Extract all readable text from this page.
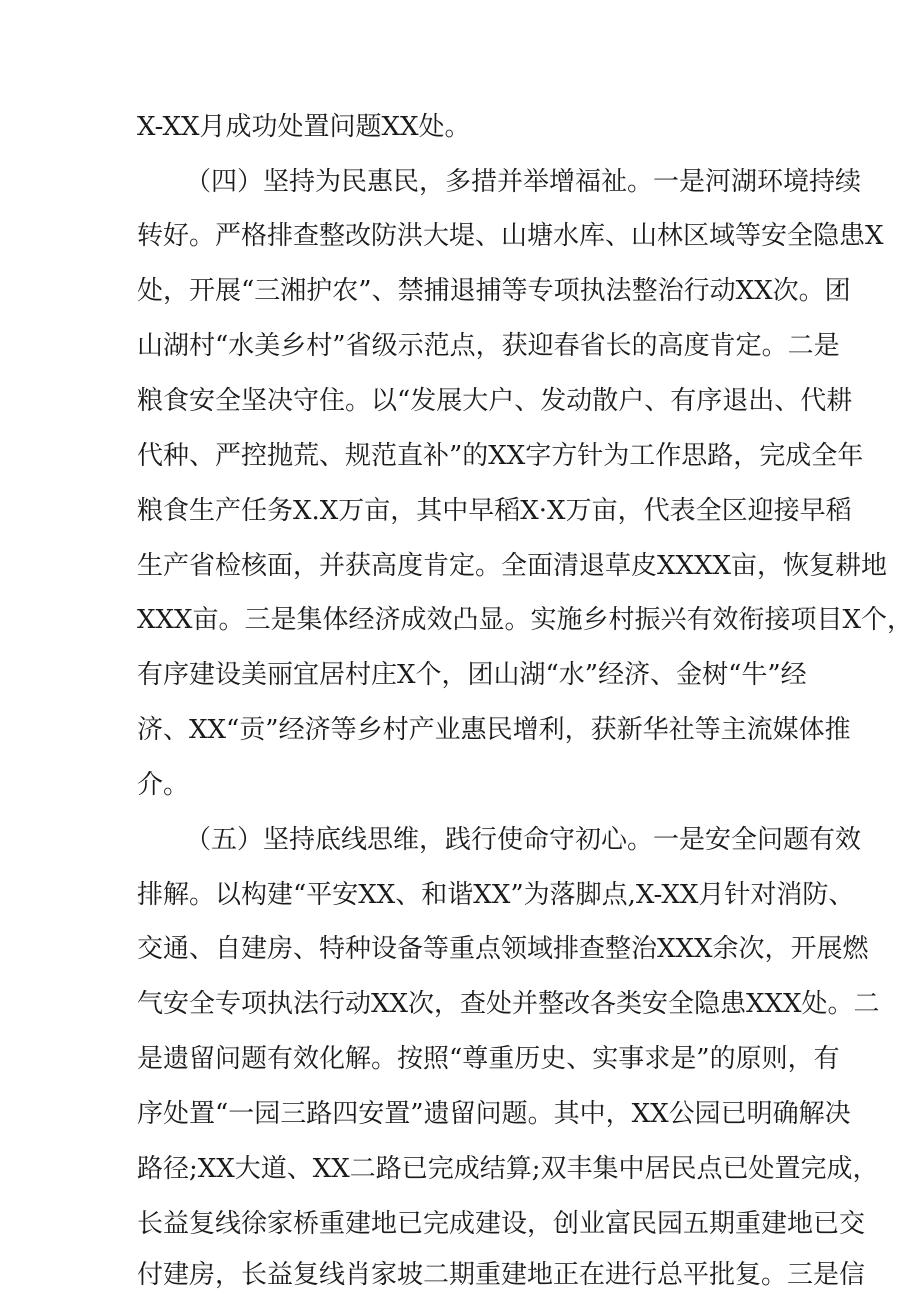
X-XX月成功处置问题XX处。
（四）坚持为民惠民，多措并举增福祉。一是河湖环境持续
转好。严格排查整改防洪大堤、山塘水库、山林区域等安全隐患X
处，开展“三湘护农”、禁捕退捕等专项执法整治行动XX次。团
山湖村“水美乡村”省级示范点，获迎春省长的高度肯定。二是
粮食安全坚决守住。以“发展大户、发动散户、有序退出、代耕
代种、严控抛荒、规范直补”的XX字方针为工作思路，完成全年
粮食生产任务X.X万亩，其中早稻X·X万亩，代表全区迎接早稻
生产省检核面，并获高度肯定。全面清退草皮XXXX亩，恢复耕地
XXX亩。三是集体经济成效凸显。实施乡村振兴有效衔接项目X个，
有序建设美丽宜居村庄X个，团山湖“水”经济、金树“牛”经
济、XX“贡”经济等乡村产业惠民增利，获新华社等主流媒体推
介。
（五）坚持底线思维，践行使命守初心。一是安全问题有效
排解。以构建“平安XX、和谐XX”为落脚点,X-XX月针对消防、
交通、自建房、特种设备等重点领域排查整治XXX余次，开展燃
气安全专项执法行动XX次，查处并整改各类安全隐患XXX处。二
是遗留问题有效化解。按照“尊重历史、实事求是”的原则，有
序处置“一园三路四安置”遗留问题。其中，XX公园已明确解决
路径;XX大道、XX二路已完成结算;双丰集中居民点已处置完成，
长益复线徐家桥重建地已完成建设，创业富民园五期重建地已交
付建房，长益复线肖家坡二期重建地正在进行总平批复。三是信
